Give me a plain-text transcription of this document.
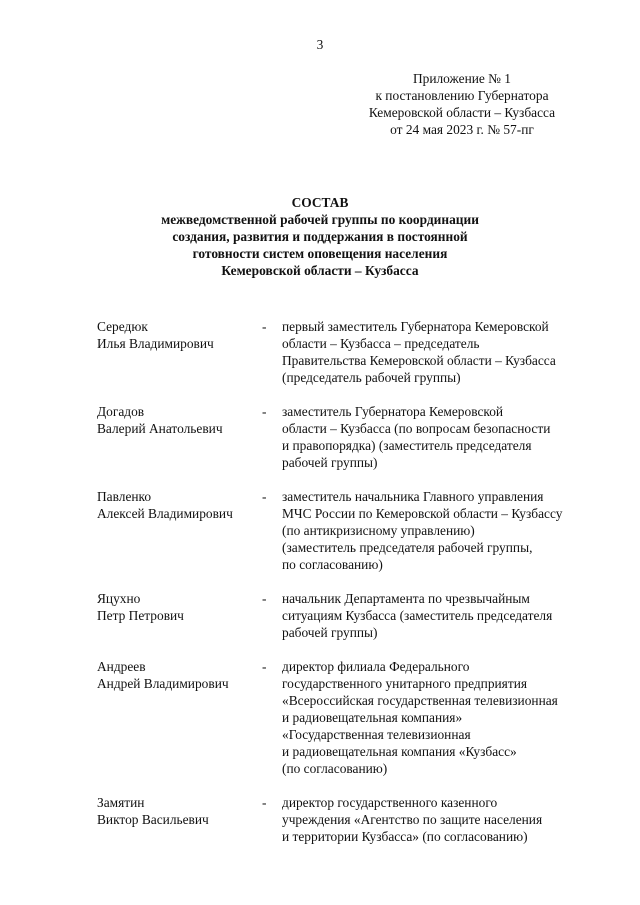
3
Приложение № 1
к постановлению Губернатора
Кемеровской области – Кузбасса
от 24 мая 2023 г. № 57-пг
СОСТАВ
межведомственной рабочей группы по координации
создания, развития и поддержания в постоянной
готовности систем оповещения населения
Кемеровской области – Кузбасса
Середюк
Илья Владимирович
-	первый заместитель Губернатора Кемеровской
области – Кузбасса – председатель
Правительства Кемеровской области – Кузбасса
(председатель рабочей группы)
Догадов
Валерий Анатольевич
-	заместитель Губернатора Кемеровской
области – Кузбасса (по вопросам безопасности
и правопорядка) (заместитель председателя
рабочей группы)
Павленко
Алексей Владимирович
-	заместитель начальника Главного управления
МЧС России по Кемеровской области – Кузбассу
(по антикризисному управлению)
(заместитель председателя рабочей группы,
по согласованию)
Яцухно
Петр Петрович
-	начальник Департамента по чрезвычайным
ситуациям Кузбасса (заместитель председателя
рабочей группы)
Андреев
Андрей Владимирович
-	директор филиала Федерального
государственного унитарного предприятия
«Всероссийская государственная телевизионная
и радиовещательная компания»
«Государственная телевизионная
и радиовещательная компания «Кузбасс»
(по согласованию)
Замятин
Виктор Васильевич
-	директор государственного казенного
учреждения «Агентство по защите населения
и территории Кузбасса» (по согласованию)
